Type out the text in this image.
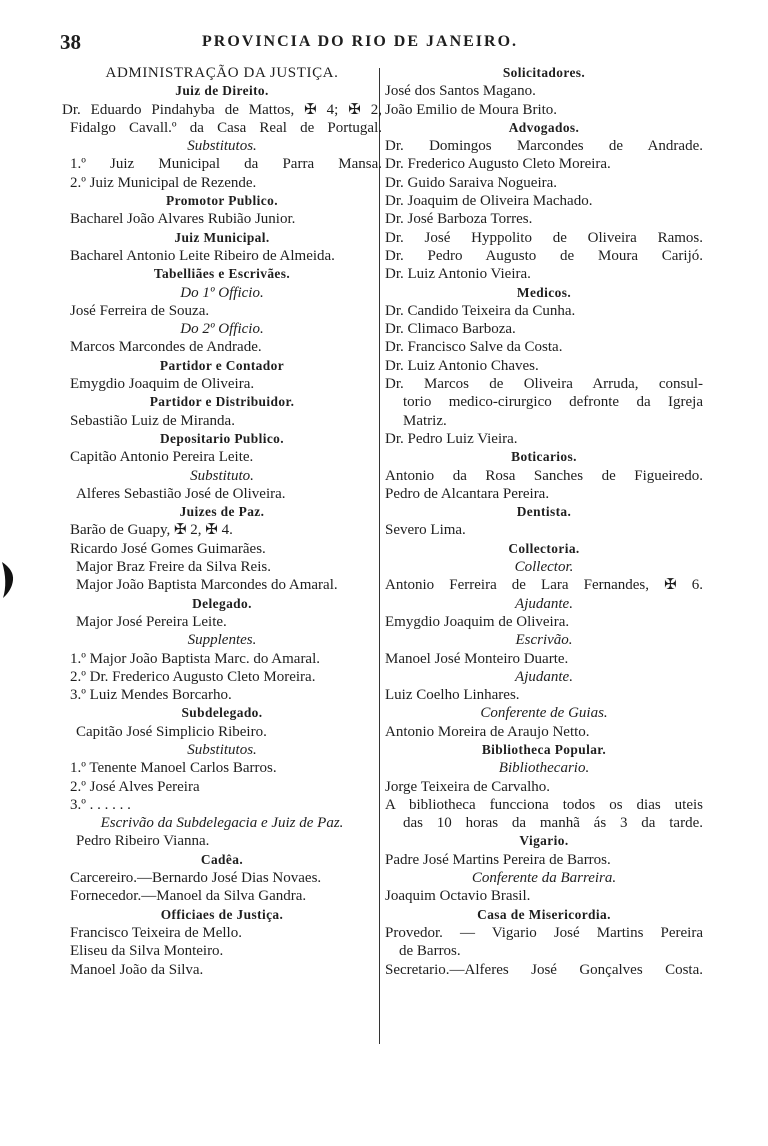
38	PROVINCIA DO RIO DE JANEIRO.
ADMINISTRAÇÃO DA JUSTIÇA.
Juiz de Direito.
Dr. Eduardo Pindahyba de Mattos, ✠ 4; ✠ 2,
Fidalgo Cavall.º da Casa Real de Portugal.
Substitutos.
1.º Juiz Municipal da Parra Mansa.
2.º Juiz Municipal de Rezende.
Promotor Publico.
Bacharel João Alvares Rubião Junior.
Juiz Municipal.
Bacharel Antonio Leite Ribeiro de Almeida.
Tabelliães e Escrivães.
Do 1º Officio.
José Ferreira de Souza.
Do 2º Officio.
Marcos Marcondes de Andrade.
Partidor e Contador
Emygdio Joaquim de Oliveira.
Partidor e Distribuidor.
Sebastião Luiz de Miranda.
Depositario Publico.
Capitão Antonio Pereira Leite.
Substituto.
Alferes Sebastião José de Oliveira.
Juizes de Paz.
Barão de Guapy, ✠ 2, ✠ 4.
Ricardo José Gomes Guimarães.
Major Braz Freire da Silva Reis.
Major João Baptista Marcondes do Amaral.
Delegado.
Major José Pereira Leite.
Supplentes.
1.º Major João Baptista Marc. do Amaral.
2.º Dr. Frederico Augusto Cleto Moreira.
3.º Luiz Mendes Borcarho.
Subdelegado.
Capitão José Simplicio Ribeiro.
Substitutos.
1.º Tenente Manoel Carlos Barros.
2.º José Alves Pereira
3.º . . . . . .
Escrivão da Subdelegacia e Juiz de Paz.
Pedro Ribeiro Vianna.
Cadêa.
Carcereiro.—Bernardo José Dias Novaes.
Fornecedor.—Manoel da Silva Gandra.
Officiaes de Justiça.
Francisco Teixeira de Mello.
Eliseu da Silva Monteiro.
Manoel João da Silva.
Solicitadores.
José dos Santos Magano.
João Emilio de Moura Brito.
Advogados.
Dr. Domingos Marcondes de Andrade.
Dr. Frederico Augusto Cleto Moreira.
Dr. Guido Saraiva Nogueira.
Dr. Joaquim de Oliveira Machado.
Dr. José Barboza Torres.
Dr. José Hyppolito de Oliveira Ramos.
Dr. Pedro Augusto de Moura Carijó.
Dr. Luiz Antonio Vieira.
Medicos.
Dr. Candido Teixeira da Cunha.
Dr. Climaco Barboza.
Dr. Francisco Salve da Costa.
Dr. Luiz Antonio Chaves.
Dr. Marcos de Oliveira Arruda, consul-
torio medico-cirurgico defronte da Igreja
Matriz.
Dr. Pedro Luiz Vieira.
Boticarios.
Antonio da Rosa Sanches de Figueiredo.
Pedro de Alcantara Pereira.
Dentista.
Severo Lima.
Collectoria.
Collector.
Antonio Ferreira de Lara Fernandes, ✠ 6.
Ajudante.
Emygdio Joaquim de Oliveira.
Escrivão.
Manoel José Monteiro Duarte.
Ajudante.
Luiz Coelho Linhares.
Conferente de Guias.
Antonio Moreira de Araujo Netto.
Bibliotheca Popular.
Bibliothecario.
Jorge Teixeira de Carvalho.
A bibliotheca funcciona todos os dias uteis
das 10 horas da manhã ás 3 da tarde.
Vigario.
Padre José Martins Pereira de Barros.
Conferente da Barreira.
Joaquim Octavio Brasil.
Casa de Misericordia.
Provedor. — Vigario José Martins Pereira
de Barros.
Secretario.—Alferes José Gonçalves Costa.
